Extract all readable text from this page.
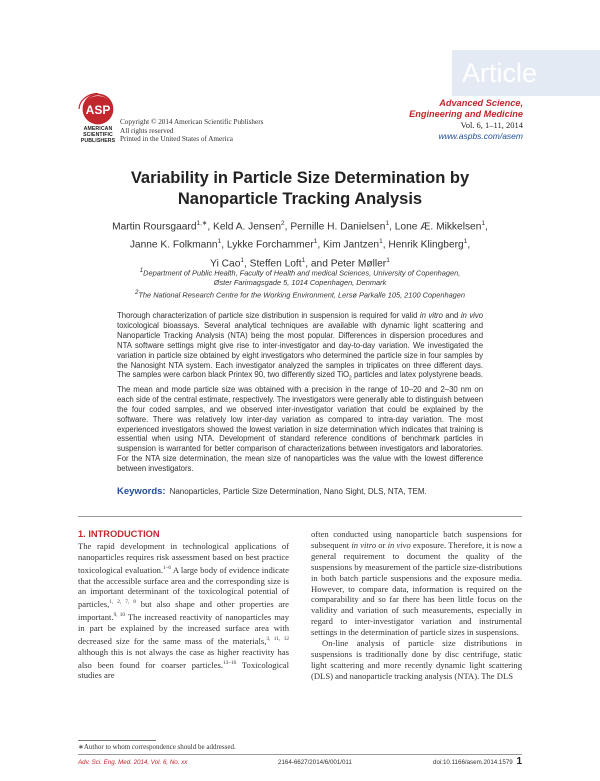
Article
ASP
AMERICAN
SCIENTIFIC
PUBLISHERS
Copyright © 2014 American Scientific Publishers
All rights reserved
Printed in the United States of America
Advanced Science,
Engineering and Medicine
Vol. 6, 1–11, 2014
www.aspbs.com/asem
Variability in Particle Size Determination by
Nanoparticle Tracking Analysis
Martin Roursgaard$^{1,∗}$, Keld A. Jensen$^2$, Pernille H. Danielsen$^1$, Lone Æ. Mikkelsen$^1$,
Janne K. Folkmann$^1$, Lykke Forchammer$^1$, Kim Jantzen$^1$, Henrik Klingberg$^1$,
Yi Cao$^1$, Steffen Loft$^1$, and Peter Møller$^1$
$^1$Department of Public Health, Faculty of Health and medical Sciences, University of Copenhagen,
Øster Farimagsgade 5, 1014 Copenhagen, Denmark
$^2$The National Research Centre for the Working Environment, Lersø Parkalle 105, 2100 Copenhagen
Thorough characterization of particle size distribution in suspension is required for valid in vitro and in vivo toxicological bioassays. Several analytical techniques are available with dynamic light scattering and Nanoparticle Tracking Analysis (NTA) being the most popular. Differences in dispersion procedures and NTA software settings might give rise to inter-investigator and day-to-day variation. We investigated the variation in particle size obtained by eight investigators who determined the particle size in four samples by the Nanosight NTA system. Each investigator analyzed the samples in triplicates on three different days. The samples were carbon black Printex 90, two differently sized TiO$_2$ particles and latex polystyrene beads. The mean and mode particle size was obtained with a precision in the range of 10–20 and 2–30 nm on each side of the central estimate, respectively. The investigators were generally able to distinguish between the four coded samples, and we observed inter-investigator variation that could be explained by the software. There was relatively low inter-day variation as compared to intra-day variation. The most experienced investigators showed the lowest variation in size determination which indicates that training is essential when using NTA. Development of standard reference conditions of benchmark particles in suspension is warranted for better comparison of characterizations between investigators and laboratories. For the NTA size determination, the mean size of nanoparticles was the value with the lowest difference between investigators.
Keywords: Nanoparticles, Particle Size Determination, Nano Sight, DLS, NTA, TEM.
1. INTRODUCTION

The rapid development in technological applications of nanoparticles requires risk assessment based on best practice toxicological evaluation.$^{1-6}$ A large body of evidence indicate that the accessible surface area and the corresponding size is an important determinant of the toxicological potential of particles,$^{1, 2, 7, 8}$ but also shape and other properties are important.$^{9, 10}$ The increased reactivity of nanoparticles may in part be explained by the increased surface area with decreased size for the same mass of the materials,$^{3, 11, 12}$ although this is not always the case as higher reactivity has also been found for coarser particles.$^{13-16}$ Toxicological studies are

often conducted using nanoparticle batch suspensions for subsequent in vitro or in vivo exposure. Therefore, it is now a general requirement to document the quality of the suspensions by measurement of the particle size-distributions in both batch particle suspensions and the exposure media. However, to compare data, information is required on the comparability and so far there has been little focus on the validity and variation of such measurements, especially in regard to inter-investigator variation and instrumental settings in the determination of particle sizes in suspensions.

On-line analysis of particle size distributions in suspensions is traditionally done by disc centrifuge, static light scattering and more recently dynamic light scattering (DLS) and nanoparticle tracking analysis (NTA). The DLS

∗Author to whom correspondence should be addressed.
Adv. Sci. Eng. Med. 2014, Vol. 6, No. xx	2164-6627/2014/6/001/011	doi:10.1166/asem.2014.1579 1
